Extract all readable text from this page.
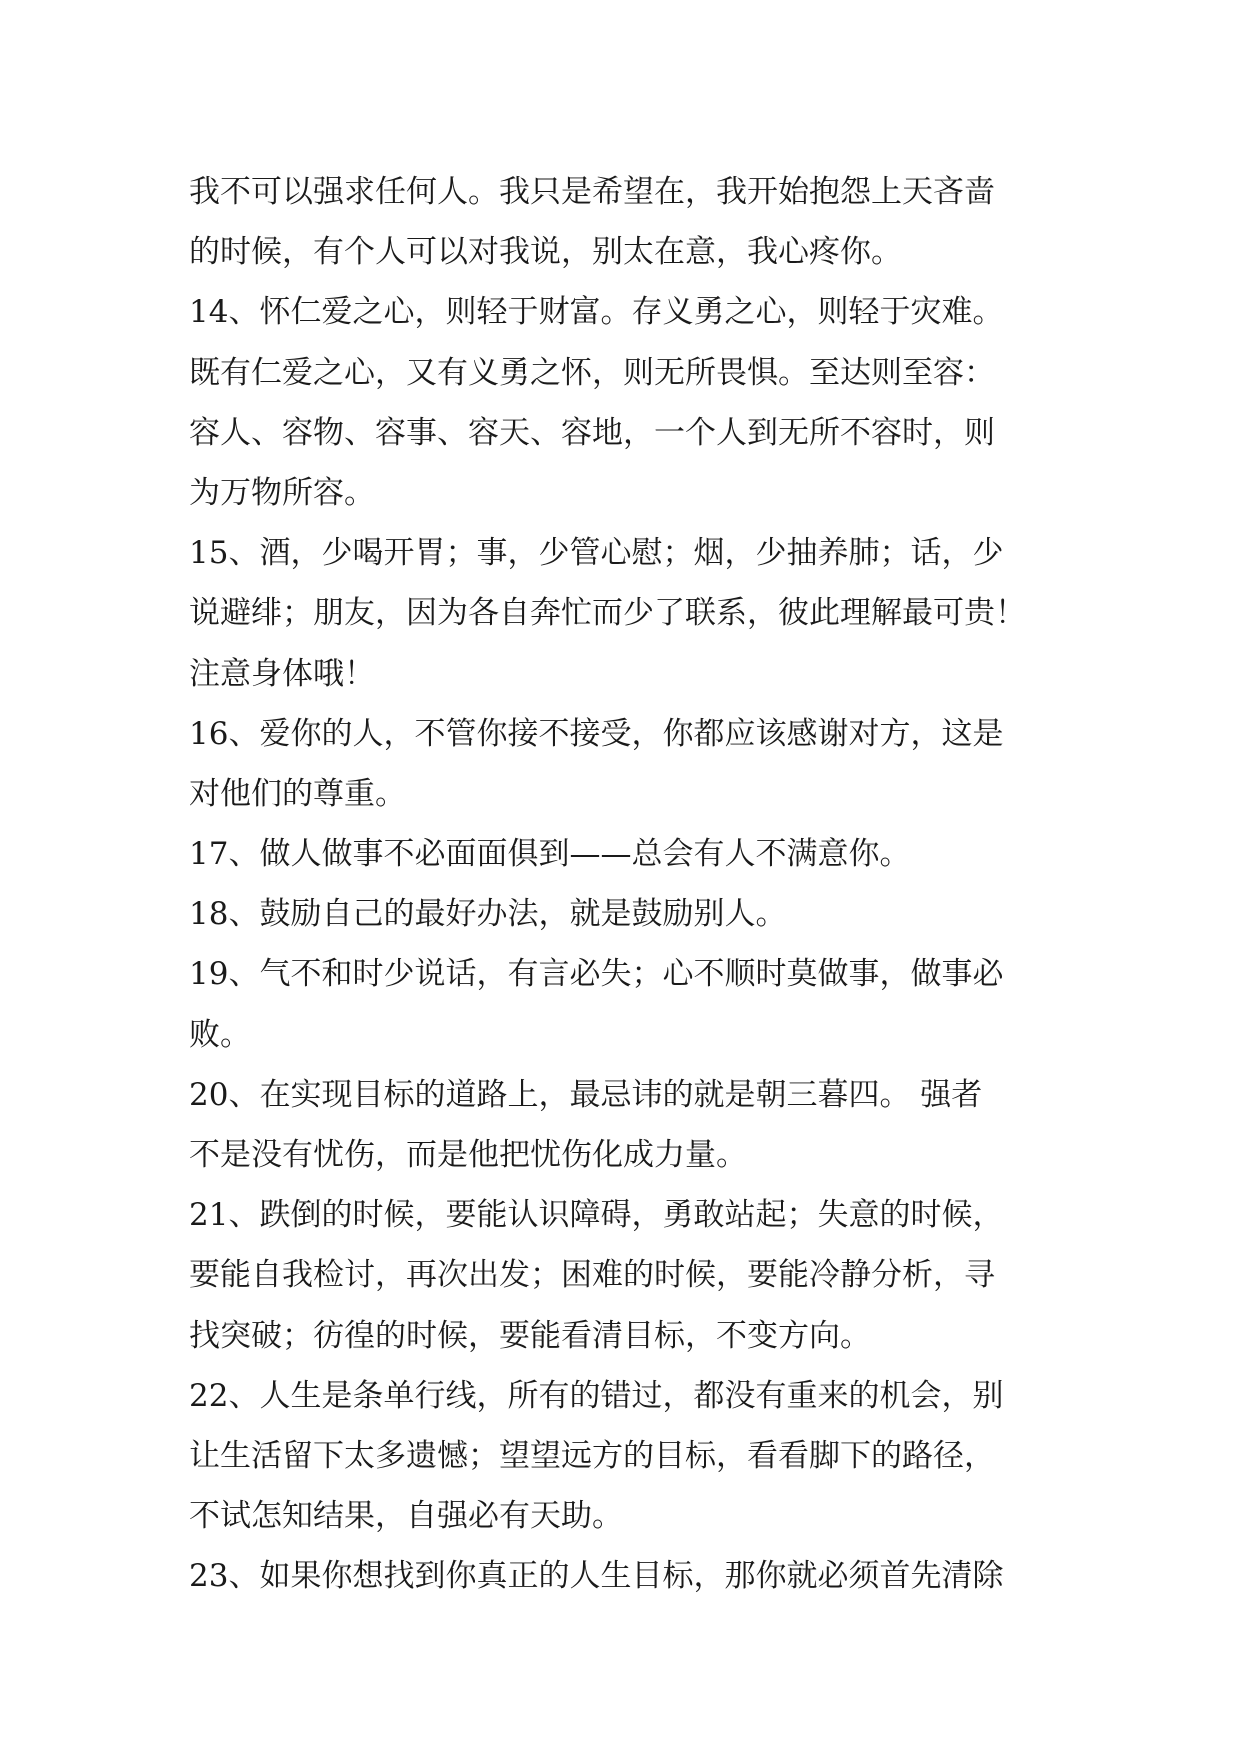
我不可以强求任何人。我只是希望在，我开始抱怨上天吝啬
的时候，有个人可以对我说，别太在意，我心疼你。
14、怀仁爱之心，则轻于财富。存义勇之心，则轻于灾难。
既有仁爱之心，又有义勇之怀，则无所畏惧。至达则至容：
容人、容物、容事、容天、容地，一个人到无所不容时，则
为万物所容。
15、酒，少喝开胃；事，少管心慰；烟，少抽养肺；话，少
说避绯；朋友，因为各自奔忙而少了联系，彼此理解最可贵！
注意身体哦！
16、爱你的人，不管你接不接受，你都应该感谢对方，这是
对他们的尊重。
17、做人做事不必面面俱到——总会有人不满意你。
18、鼓励自己的最好办法，就是鼓励别人。
19、气不和时少说话，有言必失；心不顺时莫做事，做事必
败。
20、在实现目标的道路上，最忌讳的就是朝三暮四。 强者
不是没有忧伤，而是他把忧伤化成力量。
21、跌倒的时候，要能认识障碍，勇敢站起；失意的时候，
要能自我检讨，再次出发；困难的时候，要能冷静分析，寻
找突破；彷徨的时候，要能看清目标，不变方向。
22、人生是条单行线，所有的错过，都没有重来的机会，别
让生活留下太多遗憾；望望远方的目标，看看脚下的路径，
不试怎知结果，自强必有天助。
23、如果你想找到你真正的人生目标，那你就必须首先清除
